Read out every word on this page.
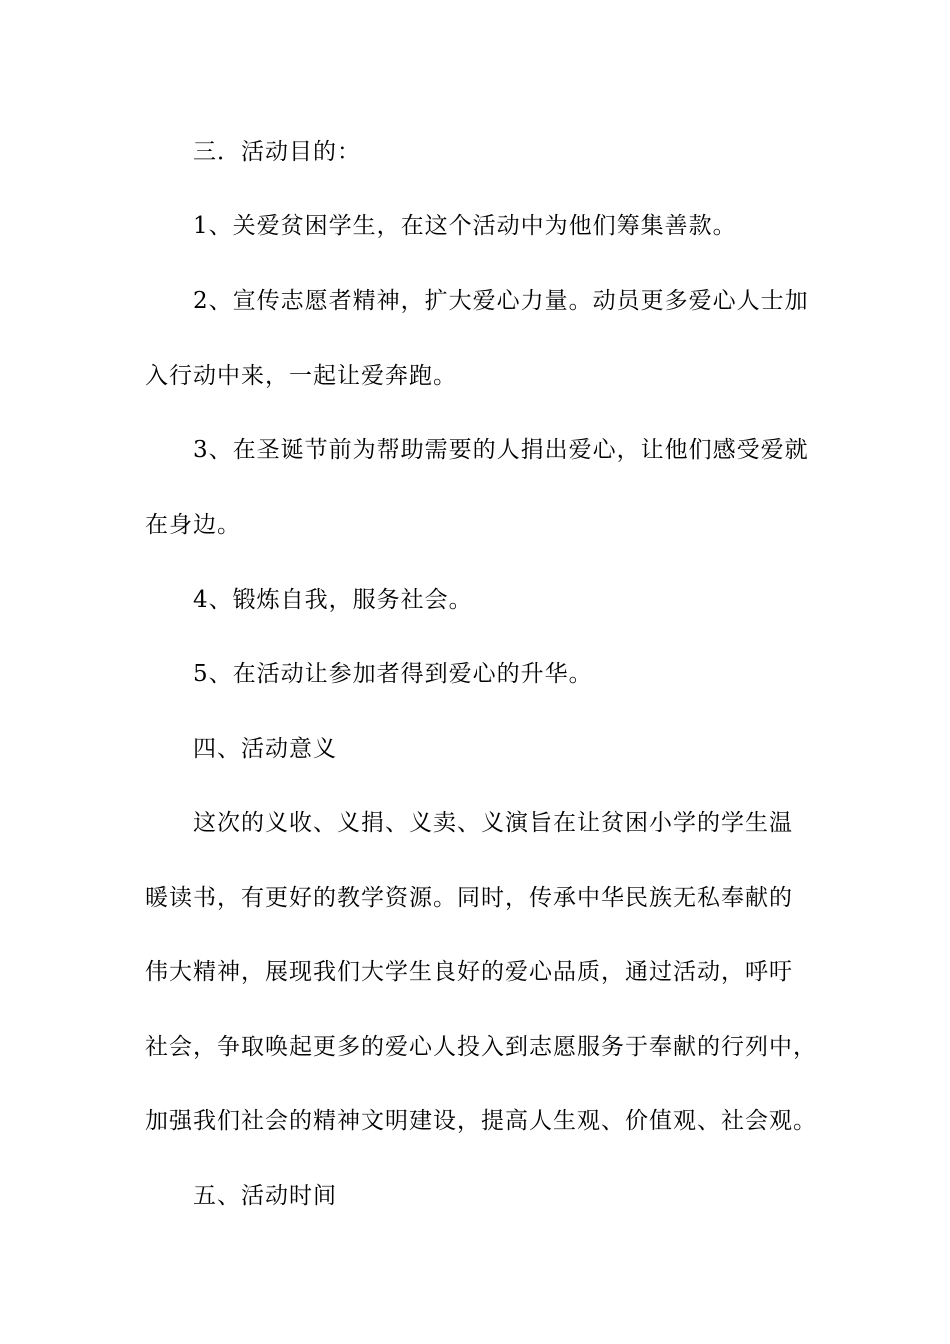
三．活动目的：
1、关爱贫困学生，在这个活动中为他们筹集善款。
2、宣传志愿者精神，扩大爱心力量。动员更多爱心人士加
入行动中来，一起让爱奔跑。
3、在圣诞节前为帮助需要的人捐出爱心，让他们感受爱就
在身边。
4、锻炼自我，服务社会。
5、在活动让参加者得到爱心的升华。
四、活动意义
这次的义收、义捐、义卖、义演旨在让贫困小学的学生温
暖读书，有更好的教学资源。同时，传承中华民族无私奉献的
伟大精神，展现我们大学生良好的爱心品质，通过活动，呼吁
社会，争取唤起更多的爱心人投入到志愿服务于奉献的行列中，
加强我们社会的精神文明建设，提高人生观、价值观、社会观。
五、活动时间
